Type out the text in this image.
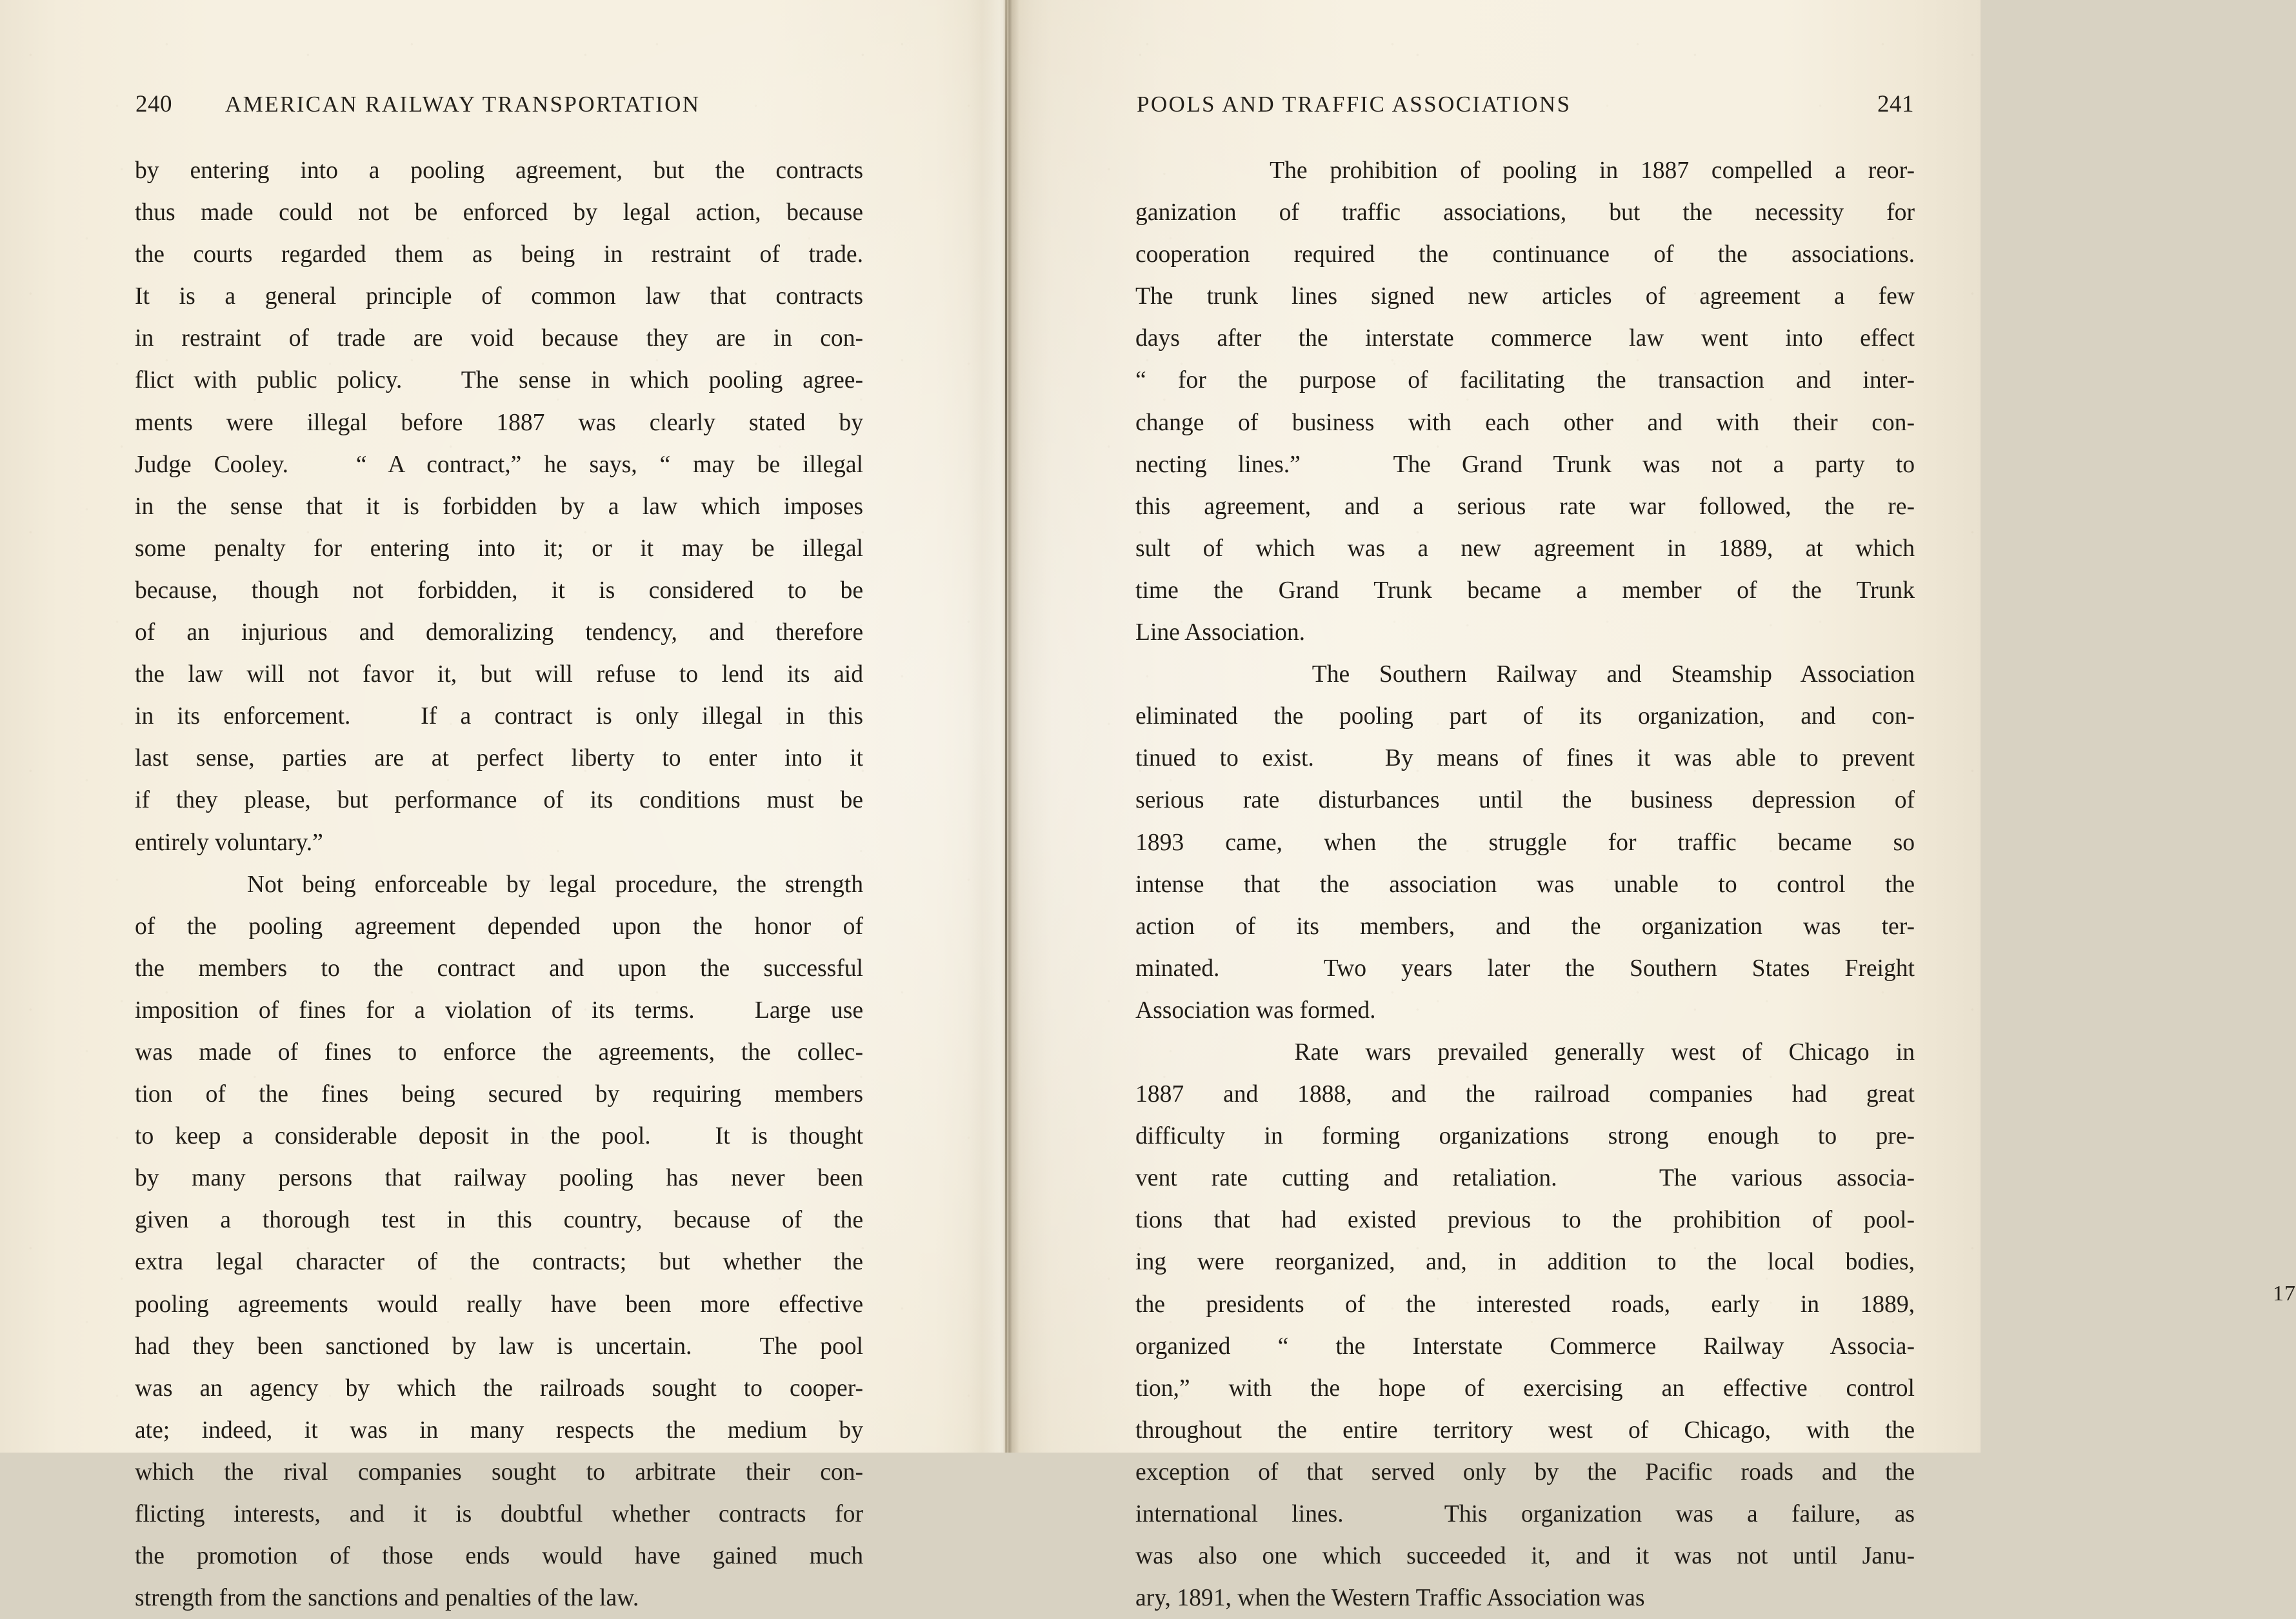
240 AMERICAN RAILWAY TRANSPORTATION

by entering into a pooling agreement, but the contracts
thus made could not be enforced by legal action, because
the courts regarded them as being in restraint of trade.
It is a general principle of common law that contracts
in restraint of trade are void because they are in con-
flict with public policy.   The sense in which pooling agree-
ments were illegal before 1887 was clearly stated by
Judge Cooley.   “ A contract,” he says, “ may be illegal
in the sense that it is forbidden by a law which imposes
some penalty for entering into it; or it may be illegal
because, though not forbidden, it is considered to be
of an injurious and demoralizing tendency, and therefore
the law will not favor it, but will refuse to lend its aid
in its enforcement.   If a contract is only illegal in this
last sense, parties are at perfect liberty to enter into it
if they please, but performance of its conditions must be
entirely voluntary.”

Not being enforceable by legal procedure, the strength
of the pooling agreement depended upon the honor of
the members to the contract and upon the successful
imposition of fines for a violation of its terms.   Large use
was made of fines to enforce the agreements, the collec-
tion of the fines being secured by requiring members
to keep a considerable deposit in the pool.   It is thought
by many persons that railway pooling has never been
given a thorough test in this country, because of the
extra legal character of the contracts; but whether the
pooling agreements would really have been more effective
had they been sanctioned by law is uncertain.   The pool
was an agency by which the railroads sought to cooper-
ate; indeed, it was in many respects the medium by
which the rival companies sought to arbitrate their con-
flicting interests, and it is doubtful whether contracts for
the promotion of those ends would have gained much
strength from the sanctions and penalties of the law.

POOLS AND TRAFFIC ASSOCIATIONS	241

The prohibition of pooling in 1887 compelled a reor-
ganization of traffic associations, but the necessity for
cooperation required the continuance of the associations.
The trunk lines signed new articles of agreement a few
days after the interstate commerce law went into effect
“ for the purpose of facilitating the transaction and inter-
change of business with each other and with their con-
necting lines.”   The Grand Trunk was not a party to
this agreement, and a serious rate war followed, the re-
sult of which was a new agreement in 1889, at which
time the Grand Trunk became a member of the Trunk
Line Association.

The Southern Railway and Steamship Association
eliminated the pooling part of its organization, and con-
tinued to exist.   By means of fines it was able to prevent
serious rate disturbances until the business depression of
1893 came, when the struggle for traffic became so
intense that the association was unable to control the
action of its members, and the organization was ter-
minated.   Two years later the Southern States Freight
Association was formed.

Rate wars prevailed generally west of Chicago in
1887 and 1888, and the railroad companies had great
difficulty in forming organizations strong enough to pre-
vent rate cutting and retaliation.   The various associa-
tions that had existed previous to the prohibition of pool-
ing were reorganized, and, in addition to the local bodies,
the presidents of the interested roads, early in 1889,
organized “ the Interstate Commerce Railway Associa-
tion,” with the hope of exercising an effective control
throughout the entire territory west of Chicago, with the
exception of that served only by the Pacific roads and the
international lines.   This organization was a failure, as
was also one which succeeded it, and it was not until Janu-
ary, 1891, when the Western Traffic Association was

17
